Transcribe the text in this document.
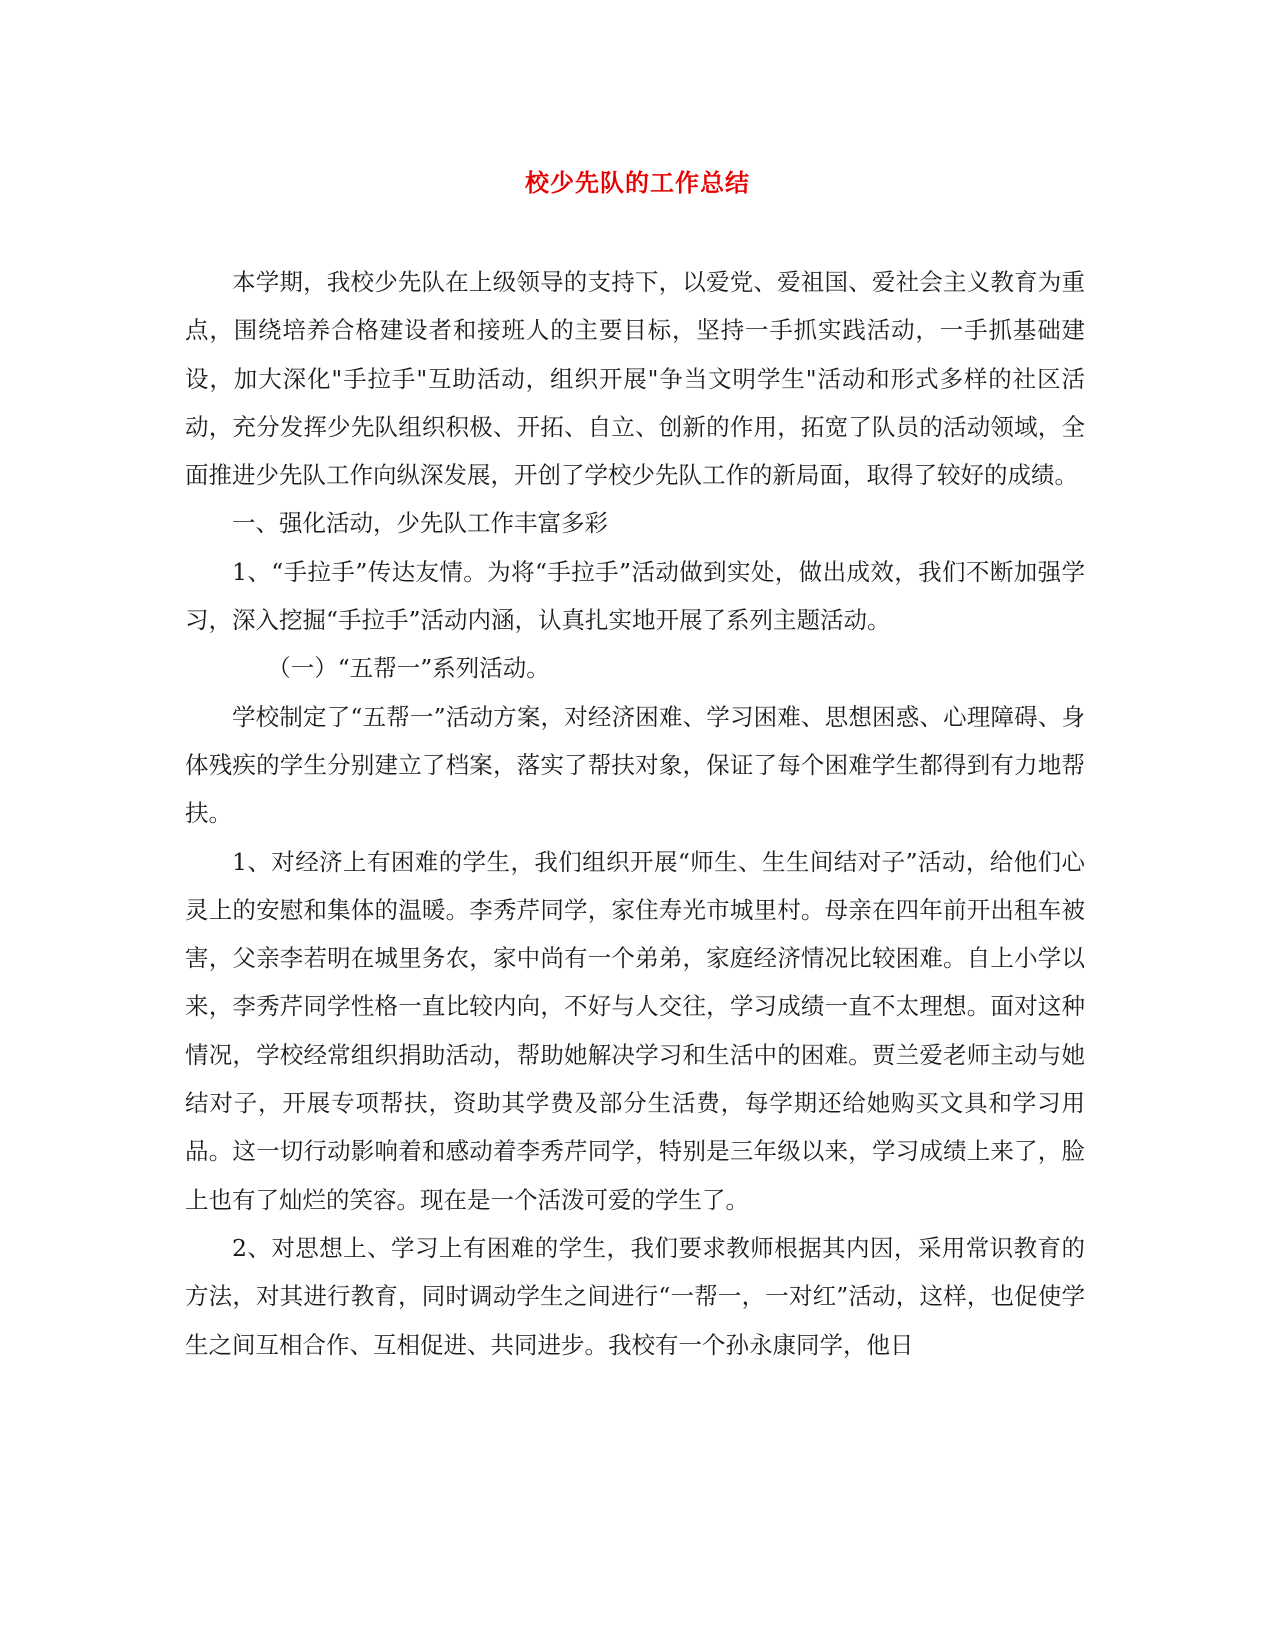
校少先队的工作总结

本学期，我校少先队在上级领导的支持下，以爱党、爱祖国、爱社会主义教育为重点，围绕培养合格建设者和接班人的主要目标，坚持一手抓实践活动，一手抓基础建设，加大深化"手拉手"互助活动，组织开展"争当文明学生"活动和形式多样的社区活动，充分发挥少先队组织积极、开拓、自立、创新的作用，拓宽了队员的活动领域，全面推进少先队工作向纵深发展，开创了学校少先队工作的新局面，取得了较好的成绩。

一、强化活动，少先队工作丰富多彩

1、“手拉手”传达友情。为将“手拉手”活动做到实处，做出成效，我们不断加强学习，深入挖掘“手拉手”活动内涵，认真扎实地开展了系列主题活动。

（一）“五帮一”系列活动。

学校制定了“五帮一”活动方案，对经济困难、学习困难、思想困惑、心理障碍、身体残疾的学生分别建立了档案，落实了帮扶对象，保证了每个困难学生都得到有力地帮扶。

1、对经济上有困难的学生，我们组织开展“师生、生生间结对子”活动，给他们心灵上的安慰和集体的温暖。李秀芹同学，家住寿光市城里村。母亲在四年前开出租车被害，父亲李若明在城里务农，家中尚有一个弟弟，家庭经济情况比较困难。自上小学以来，李秀芹同学性格一直比较内向，不好与人交往，学习成绩一直不太理想。面对这种情况，学校经常组织捐助活动，帮助她解决学习和生活中的困难。贾兰爱老师主动与她结对子，开展专项帮扶，资助其学费及部分生活费，每学期还给她购买文具和学习用品。这一切行动影响着和感动着李秀芹同学，特别是三年级以来，学习成绩上来了，脸上也有了灿烂的笑容。现在是一个活泼可爱的学生了。

2、对思想上、学习上有困难的学生，我们要求教师根据其内因，采用常识教育的方法，对其进行教育，同时调动学生之间进行“一帮一，一对红”活动，这样，也促使学生之间互相合作、互相促进、共同进步。我校有一个孙永康同学，他日
